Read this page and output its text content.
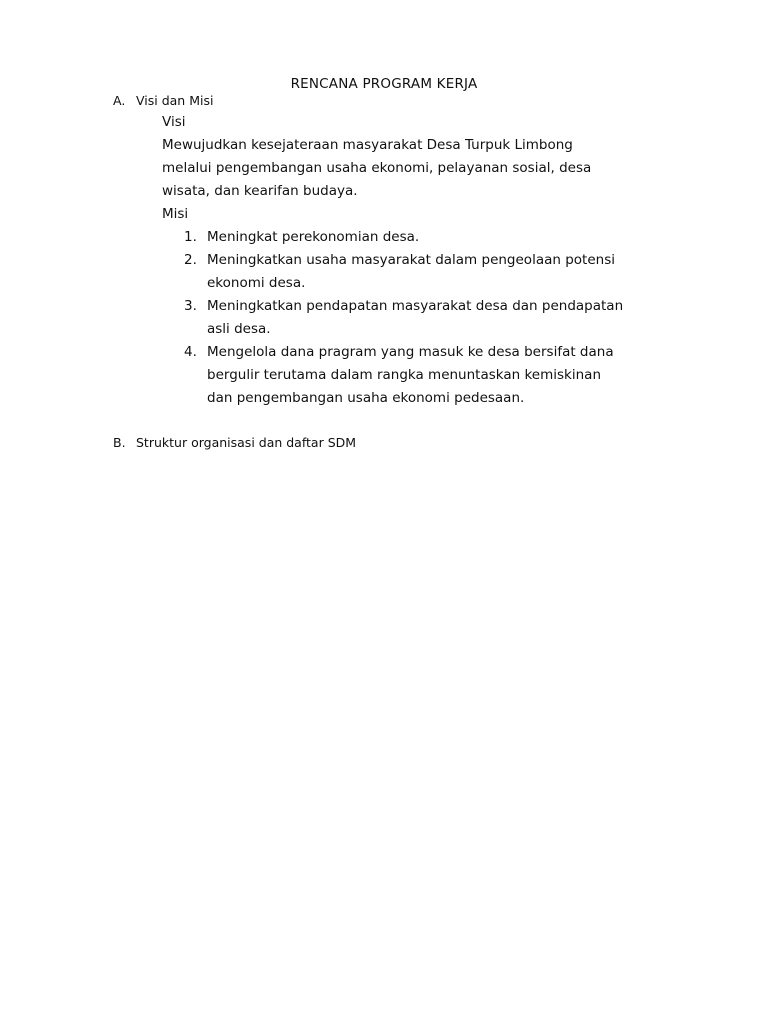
RENCANA PROGRAM KERJA
A. Visi dan Misi

Visi

Mewujudkan kesejateraan masyarakat Desa Turpuk Limbong

melalui pengembangan usaha ekonomi, pelayanan sosial, desa

wisata, dan kearifan budaya.

Misi

1. Meningkat perekonomian desa.
2. Meningkatkan usaha masyarakat dalam pengeolaan potensi
ekonomi desa.
3. Meningkatkan pendapatan masyarakat desa dan pendapatan
asli desa.
4. Mengelola dana pragram yang masuk ke desa bersifat dana
bergulir terutama dalam rangka menuntaskan kemiskinan
dan pengembangan usaha ekonomi pedesaan.
B. Struktur organisasi dan daftar SDM
